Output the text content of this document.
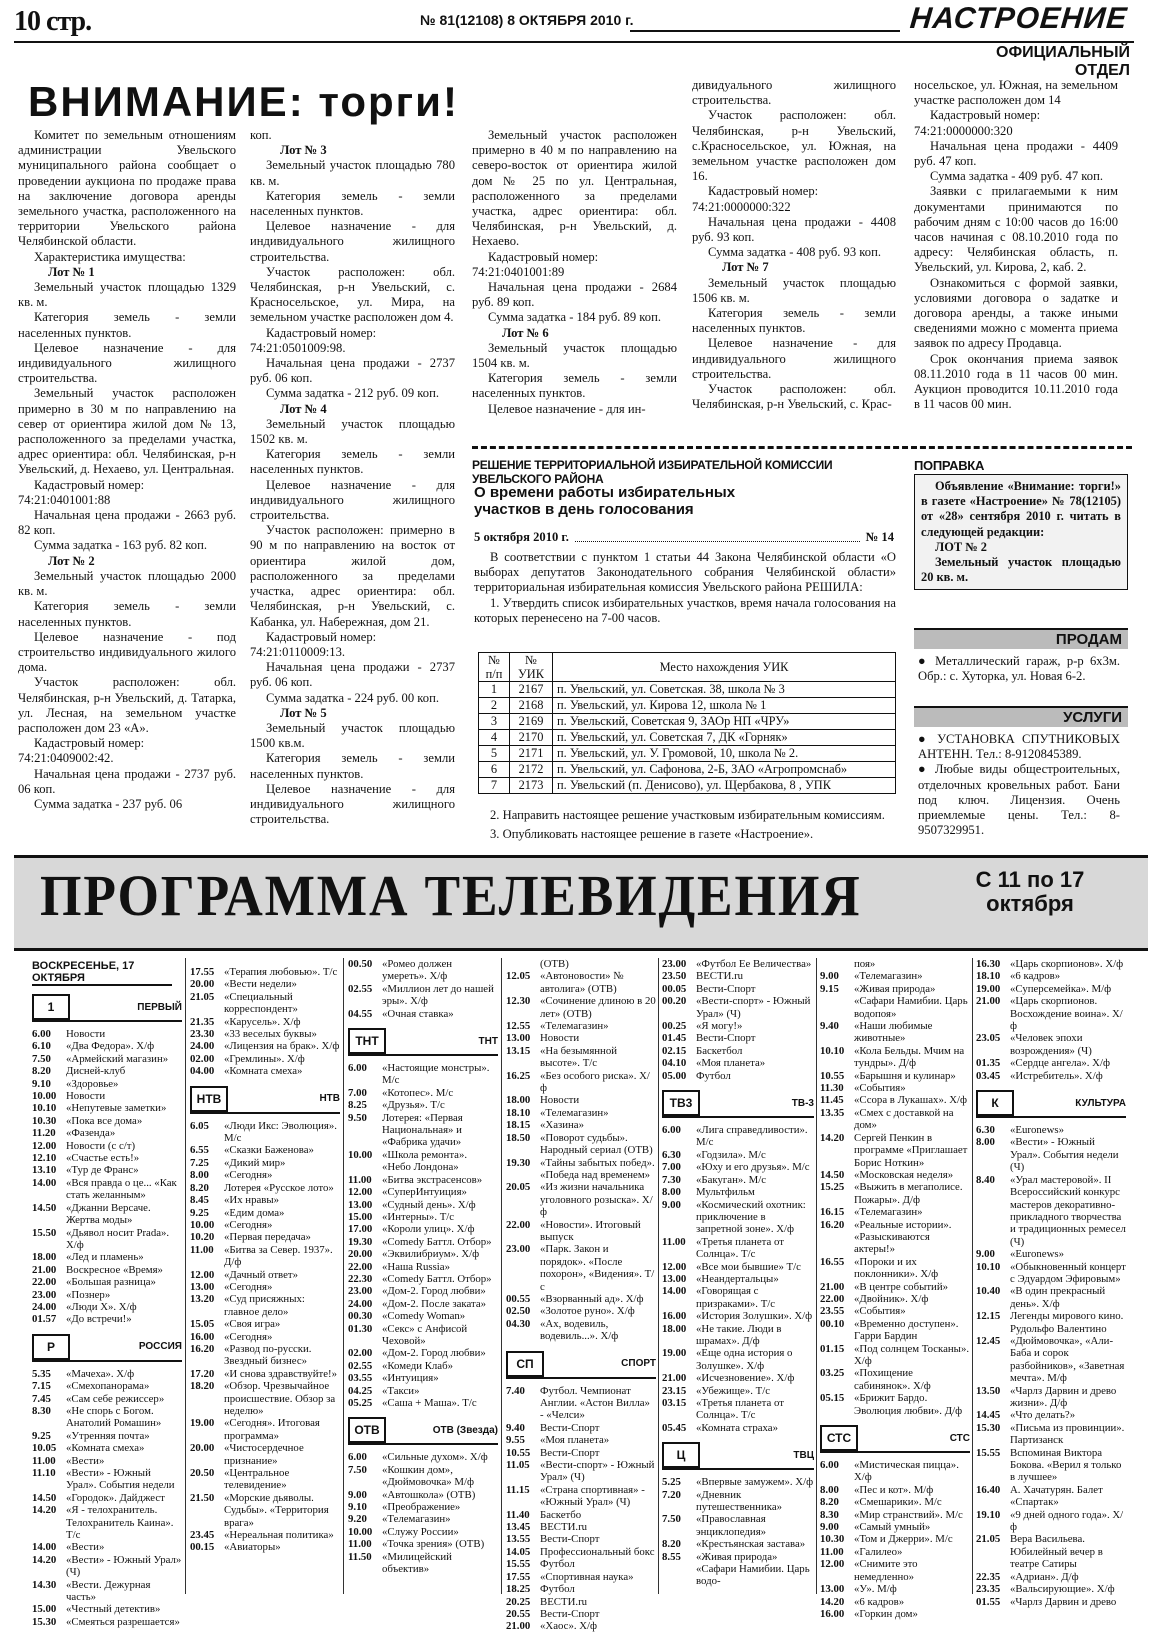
10 стр.	№ 81(12108) 8 ОКТЯБРЯ 2010 г.	НАСТРОЕНИЕ
ОФИЦИАЛЬНЫЙ ОТДЕЛ
ВНИМАНИЕ: торги!

Комитет по земельным отношениям администрации Увельского муниципального района сообщает о проведении аукциона по продаже права на заключение договора аренды земельного участка, расположенного на территории Увельского района Челябинской области.

Характеристика имущества:

Лот № 1

Земельный участок площадью 1329 кв. м.

Категория земель - земли населенных пунктов.

Целевое назначение - для индивидуального жилищного строительства.

Земельный участок расположен примерно в 30 м по направлению на север от ориентира жилой дом № 13, расположенного за пределами участка, адрес ориентира: обл. Челябинская, р-н Увельский, д. Нехаево, ул. Центральная.

Кадастровый номер:

74:21:0401001:88

Начальная цена продажи - 2663 руб. 82 коп.

Сумма задатка - 163 руб. 82 коп.

Лот № 2

Земельный участок площадью 2000 кв. м.

Категория земель - земли населенных пунктов.

Целевое назначение - под строительство индивидуального жилого дома.

Участок расположен: обл. Челябинская, р-н Увельский, д. Татарка, ул. Лесная, на земельном участке расположен дом 23 «А».

Кадастровый номер:

74:21:0409002:42.

Начальная цена продажи - 2737 руб. 06 коп.

Сумма задатка - 237 руб. 06

коп.

Лот № 3

Земельный участок площадью 780 кв. м.

Категория земель - земли населенных пунктов.

Целевое назначение - для индивидуального жилищного строительства.

Участок расположен: обл. Челябинская, р-н Увельский, с. Красносельское, ул. Мира, на земельном участке расположен дом 4.

Кадастровый номер:

74:21:0501009:98.

Начальная цена продажи - 2737 руб. 06 коп.

Сумма задатка - 212 руб. 09 коп.

Лот № 4

Земельный участок площадью 1502 кв. м.

Категория земель - земли населенных пунктов.

Целевое назначение - для индивидуального жилищного строительства.

Участок расположен: примерно в 90 м по направлению на восток от ориентира жилой дом, расположенного за пределами участка, адрес ориентира: обл. Челябинская, р-н Увельский, с. Кабанка, ул. Набережная, дом 21.

Кадастровый номер:

74:21:0110009:13.

Начальная цена продажи - 2737 руб. 06 коп.

Сумма задатка - 224 руб. 00 коп.

Лот № 5

Земельный участок площадью 1500 кв.м.

Категория земель - земли населенных пунктов.

Целевое назначение - для индивидуального жилищного строительства.

Земельный участок расположен примерно в 40 м по направлению на северо-восток от ориентира жилой дом № 25 по ул. Центральная, расположенного за пределами участка, адрес ориентира: обл. Челябинская, р-н Увельский, д. Нехаево.

Кадастровый номер:

74:21:0401001:89

Начальная цена продажи - 2684 руб. 89 коп.

Сумма задатка - 184 руб. 89 коп.

Лот № 6

Земельный участок площадью 1504 кв. м.

Категория земель - земли населенных пунктов.

Целевое назначение - для ин-

дивидуального жилищного строительства.

Участок расположен: обл. Челябинская, р-н Увельский, с.Красносельское, ул. Южная, на земельном участке расположен дом 16.

Кадастровый номер:

74:21:0000000:322

Начальная цена продажи - 4408 руб. 93 коп.

Сумма задатка - 408 руб. 93 коп.

Лот № 7

Земельный участок площадью 1506 кв. м.

Категория земель - земли населенных пунктов.

Целевое назначение - для индивидуального жилищного строительства.

Участок расположен: обл. Челябинская, р-н Увельский, с. Крас-

носельское, ул. Южная, на земельном участке расположен дом 14

Кадастровый номер:

74:21:0000000:320

Начальная цена продажи - 4409 руб. 47 коп.

Сумма задатка - 409 руб. 47 коп.

Заявки с прилагаемыми к ним документами принимаются по рабочим дням с 10:00 часов до 16:00 часов начиная с 08.10.2010 года по адресу: Челябинская область, п. Увельский, ул. Кирова, 2, каб. 2.

Ознакомиться с формой заявки, условиями договора о задатке и договора аренды, а также иными сведениями можно с момента приема заявок по адресу Продавца.

Срок окончания приема заявок 08.11.2010 года в 11 часов 00 мин. Аукцион проводится 10.11.2010 года в 11 часов 00 мин.

РЕШЕНИЕ ТЕРРИТОРИАЛЬНОЙ ИЗБИРАТЕЛЬНОЙ КОМИССИИ УВЕЛЬСКОГО РАЙОНА
О времени работы избирательных
участков в день голосования
5 октября 2010 г.	№ 14

В соответствии с пунктом 1 статьи 44 Закона Челябинской области «О выборах депутатов Законодательного собрания Челябинской области» территориальная избирательная комиссия Увельского района РЕШИЛА:

1. Утвердить список избирательных участков, время начала голосования на которых перенесено на 7-00 часов.

№ п/п	№ УИК	Место нахождения УИК
1	2167	п. Увельский, ул. Советская. 38, школа № 3
2	2168	п. Увельский, ул. Кирова 12, школа № 1
3	2169	п. Увельский, Советская 9, ЗАОр НП «ЧРУ»
4	2170	п. Увельский, ул. Советская 7, ДК «Горняк»
5	2171	п. Увельский, ул. У. Громовой, 10, школа № 2.
6	2172	п. Увельский, ул. Сафонова, 2-Б, ЗАО «Агропромснаб»
7	2173	п. Увельский (п. Денисово), ул. Щербакова, 8 , УПК

2. Направить настоящее решение участковым избирательным комиссиям.

3. Опубликовать настоящее решение в газете «Настроение».

ПОПРАВКА
Объявление «Внимание: торги!» в газете «Настроение» № 78(12105) от «28» сентября 2010 г. читать в следующей редакции:
ЛОТ № 2
Земельный участок площадью 20 кв. м.
ПРОДАМ
● Металлический гараж, р-р 6х3м. Обр.: с. Хуторка, ул. Новая 6-2.
УСЛУГИ
● УСТАНОВКА СПУТНИКОВЫХ АНТЕНН. Тел.: 8-9120845389.
● Любые виды общестроительных, отделочных кровельных работ. Бани под ключ. Лицензия. Очень приемлемые цены. Тел.: 8-9507329951.
ПРОГРАММА ТЕЛЕВИДЕНИЯ	С 11 по 17
октября
ВОСКРЕСЕНЬЕ, 17 ОКТЯБРЯ
1	ПЕРВЫЙ
6.00	Новости
6.10	«Два Федора». Х/ф
7.50	«Армейский магазин»
8.20	Дисней-клуб
9.10	«Здоровье»
10.00 Новости
10.10 «Непутевые заметки»
10.30 «Пока все дома»
11.20 «Фазенда»
12.00 Новости (с с/т)
12.10 «Счастье есть!»
13.10 «Тур де Франс»
14.00 «Вся правда о це... «Как стать желанным»
14.50 «Джанни Версаче. Жертва моды»
15.50 «Дьявол носит Prada». Х/ф
18.00 «Лед и пламень»
21.00 Воскресное «Время»
22.00 «Большая разница»
23.00 «Познер»
24.00 «Люди Х». Х/ф
01.57 «До встречи!»
Р	РОССИЯ
5.35	«Мачеха». Х/ф
7.15	«Смехопанорама»
7.45	«Сам себе режиссер»
8.30	«Не спорь с Богом. Анатолий Ромашин»
9.25	«Утренняя почта»
10.05 «Комната смеха»
11.00 «Вести»
11.10 «Вести» - Южный Урал». События недели
14.50 «Городок». Дайджест
14.20 «Я - телохранитель. Телохранитель Каина». Т/с
14.00 «Вести»
14.20 «Вести» - Южный Урал» (Ч)
14.30 «Вести. Дежурная часть»
15.00 «Честный детектив»
15.30 «Смеяться разрешается»
17.55 «Терапия любовью». Т/с
20.00 «Вести недели»
21.05 «Специальный корреспондент»
21.35 «Карусель». Х/ф
23.30 «33 веселых буквы»
24.00 «Лицензия на брак». Х/ф
02.00 «Гремлины». Х/ф
04.00 «Комната смеха»
НТВ	НТВ
6.05	«Люди Икс: Эволюция». М/с
6.55	«Сказки Баженова»
7.25	«Дикий мир»
8.00	«Сегодня»
8.20	Лотерея «Русское лото»
8.45	«Их нравы»
9.25	«Едим дома»
10.00 «Сегодня»
10.20 «Первая передача»
11.00 «Битва за Север. 1937». Д/ф
12.00 «Дачный ответ»
13.00 «Сегодня»
13.20 «Суд присяжных: главное дело»
15.05 «Своя игра»
16.00 «Сегодня»
16.20 «Развод по-русски. Звездный бизнес»
17.20 «И снова здравствуйте!»
18.20 «Обзор. Чрезвычайное происшествие. Обзор за неделю»
19.00 «Сегодня». Итоговая программа»
20.00 «Чистосердечное признание»
20.50 «Центральное телевидение»
21.50 «Морские дьяволы. Судьбы». «Территория врага»
23.45 «Нереальная политика»
00.15 «Авиаторы»
00.50 «Ромео должен умереть». Х/ф
02.55 «Миллион лет до нашей эры». Х/ф
04.55 «Очная ставка»
ТНТ	ТНТ
6.00	«Настоящие монстры». М/с
7.00	«Котопес». М/с
8.25	«Друзья». Т/с
9.50	Лотерея: «Первая Национальная» и «Фабрика удачи»
10.00 «Школа ремонта». «Небо Лондона»
11.00 «Битва экстрасенсов»
12.00 «СуперИнтуиция»
13.00 «Судный день». Х/ф
15.00 «Интерны». Т/с
17.00 «Короли улиц». Х/ф
19.30 «Comedy Баттл. Отбор»
20.00 «Эквилибриум». Х/ф
22.00 «Наша Russia»
22.30 «Comedy Баттл. Отбор»
23.00 «Дом-2. Город любви»
24.00 «Дом-2. После заката»
00.30 «Comedy Woman»
01.30 «Секс» с Анфисой Чеховой»
02.00 «Дом-2. Город любви»
02.55 «Комеди Клаб»
03.55 «Интуиция»
04.25 «Такси»
05.25 «Саша + Маша». Т/с
ОТВ	ОТВ (Звезда)
6.00	«Сильные духом». Х/ф
7.50	«Кошкин дом», «Дюймовочка» М/ф
9.00	«Автошкола» (ОТВ)
9.10	«Преображение»
9.20	«Телемагазин»
10.00 «Служу России»
11.00 «Точка зрения» (ОТВ)
11.50 «Милицейский объектив»
(ОТВ)
12.05 «Автоновости» № автолига» (ОТВ)
12.30 «Сочинение длиною в 20 лет» (ОТВ)
12.55 «Телемагазин»
13.00 Новости
13.15 «На безымянной высоте». Т/с
16.25 «Без особого риска». Х/ф
18.00 Новости
18.10 «Телемагазин»
18.15 «Хазина»
18.50 «Поворот судьбы». Народный сериал (ОТВ)
19.30 «Тайны забытых побед». «Победа над временем»
20.05 «Из жизни начальника уголовного розыска». Х/ф
22.00 «Новости». Итоговый выпуск
23.00 «Парк. Закон и порядок». «После похорон», «Видения». Т/с
00.55 «Взорванный ад». Х/ф
02.50 «Золотое руно». Х/ф
04.30 «Ах, водевиль, водевиль...». Х/ф
СП	СПОРТ
7.40	Футбол. Чемпионат Англии. «Астон Вилла» - «Челси»
9.40	Вести-Спорт
9.55	«Моя планета»
10.55 Вести-Спорт
11.05 «Вести-спорт» - Южный Урал» (Ч)
11.15 «Страна спортивная» - «Южный Урал» (Ч)
11.40 Баскетбо
13.45 ВЕСТИ.ru
13.55 Вести-Спорт
14.05 Профессиональный бокс
15.55 Футбол
17.55 «Спортивная наука»
18.25 Футбол
20.25 ВЕСТИ.ru
20.55 Вести-Спорт
21.00 «Хаос». Х/ф
23.00 «Футбол Ее Величества»
23.50 ВЕСТИ.ru
00.05 Вести-Спорт
00.20 «Вести-спорт» - Южный Урал» (Ч)
00.25 «Я могу!»
01.45 Вести-Спорт
02.15 Баскетбол
04.10 «Моя планета»
05.00 Футбол
ТВ3	ТВ-3
6.00	«Лига справедливости». М/с
6.30	«Годзила». М/с
7.00	«Юху и его друзья». М/с
7.30	«Бакуган». М/с
8.00	Мультфильм
9.00	«Космический охотник: приключение в запретной зоне». Х/ф
11.00 «Третья планета от Солнца». Т/с
12.00 «Все мои бывшие» Т/с
13.00 «Неандертальцы»
14.00 «Говорящая с призраками». Т/с
16.00 «История Золушки». Х/ф
18.00 «Не такие. Люди в шрамах». Д/ф
19.00 «Еще одна история о Золушке». Х/ф
21.00 «Исчезновение». Х/ф
23.15 «Убежище». Т/с
03.15 «Третья планета от Солнца». Т/с
05.45 «Комната страха»
Ц	ТВЦ
5.25	«Впервые замужем». Х/ф
7.20	«Дневник путешественника»
7.50	«Православная энциклопедия»
8.20	«Крестьянская застава»
8.55	«Живая природа» «Сафари Намибии. Царь водо-
поя»
9.00	«Телемагазин»
9.15	«Живая природа» «Сафари Намибии. Царь водопоя»
9.40	«Наши любимые животные»
10.10 «Кола Бельды. Мчим на тундры». Д/ф
10.55 «Барышня и кулинар»
11.30 «События»
11.45 «Ссора в Лукашах». Х/ф
13.35 «Смех с доставкой на дом»
14.20 Сергей Пенкин в программе «Приглашает Борис Ноткин»
14.50 «Московская неделя»
15.25 «Выжить в мегаполисе. Пожары». Д/ф
16.15 «Телемагазин»
16.20 «Реальные истории». «Разыскиваются актеры!»
16.55 «Пороки и их поклонники». Х/ф
21.00 «В центре событий»
22.00 «Двойник». Х/ф
23.55 «События»
00.10 «Временно доступен». Гарри Бардин
01.15 «Под солнцем Тосканы». Х/ф
03.25 «Похищение сабинянок». Х/ф
05.15 «Брижит Бардо. Эволюция любви». Д/ф
СТС	СТС
6.00	«Мистическая пицца». Х/ф
8.00	«Пес и кот». М/ф
8.20	«Смешарики». М/с
8.30	«Мир странствий». М/с
9.00	«Самый умный»
10.30 «Том и Джерри». М/с
11.00 «Галилео»
12.00 «Снимите это немедленно»
13.00 «У». М/ф
14.20 «6 кадров»
16.00 «Горкин дом»
16.30 «Царь скорпионов». Х/ф
18.10 «6 кадров»
19.00 «Суперсемейка». М/ф
21.00 «Царь скорпионов. Восхождение воина». Х/ф
23.05 «Человек эпохи возрождения» (Ч)
01.35 «Сердце ангела». Х/ф
03.45 «Истребитель». Х/ф
К	КУЛЬТУРА
6.30	«Euronews»
8.00	«Вести» - Южный Урал». События недели (Ч)
8.40	«Урал мастеровой». II Всероссийский конкурс мастеров декоративно-прикладного творчества и традиционных ремесел (Ч)
9.00	«Euronews»
10.10 «Обыкновенный концерт с Эдуардом Эфировым»
10.40 «В один прекрасный день». Х/ф
12.15 Легенды мирового кино. Рудольфо Валентино
12.45 «Дюймовочка», «Али-Баба и сорок разбойников», «Заветная мечта». М/ф
13.50 «Чарлз Дарвин и древо жизни». Д/ф
14.45 «Что делать?»
15.30 «Письма из провинции». Партизанск
15.55 Вспоминая Виктора Бокова. «Верил я только в лучшее»
16.40 А. Хачатурян. Балет «Спартак»
19.10 «9 дней одного года». Х/ф
21.05 Вера Васильева. Юбилейный вечер в театре Сатиры
22.35 «Адриан». Д/ф
23.35 «Вальсирующие». Х/ф
01.55 «Чарлз Дарвин и древо
